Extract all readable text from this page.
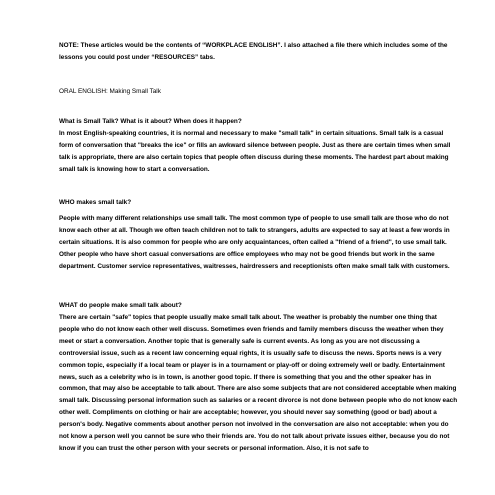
NOTE: These articles would be the contents of “WORKPLACE ENGLISH”. I also attached a file there which includes some of the lessons you could post under “RESOURCES” tabs.

ORAL ENGLISH: Making Small Talk

What is Small Talk? What is it about? When does it happen?

In most English-speaking countries, it is normal and necessary to make "small talk" in certain situations. Small talk is a casual form of conversation that "breaks the ice" or fills an awkward silence between people. Just as there are certain times when small talk is appropriate, there are also certain topics that people often discuss during these moments. The hardest part about making small talk is knowing how to start a conversation.

WHO makes small talk?

People with many different relationships use small talk. The most common type of people to use small talk are those who do not know each other at all. Though we often teach children not to talk to strangers, adults are expected to say at least a few words in certain situations. It is also common for people who are only acquaintances, often called a "friend of a friend", to use small talk. Other people who have short casual conversations are office employees who may not be good friends but work in the same department. Customer service representatives, waitresses, hairdressers and receptionists often make small talk with customers.

WHAT do people make small talk about?

There are certain "safe" topics that people usually make small talk about. The weather is probably the number one thing that people who do not know each other well discuss. Sometimes even friends and family members discuss the weather when they meet or start a conversation. Another topic that is generally safe is current events. As long as you are not discussing a controversial issue, such as a recent law concerning equal rights, it is usually safe to discuss the news. Sports news is a very common topic, especially if a local team or player is in a tournament or play-off or doing extremely well or badly. Entertainment news, such as a celebrity who is in town, is another good topic. If there is something that you and the other speaker has in common, that may also be acceptable to talk about. There are also some subjects that are not considered acceptable when making small talk. Discussing personal information such as salaries or a recent divorce is not done between people who do not know each other well. Compliments on clothing or hair are acceptable; however, you should never say something (good or bad) about a person's body. Negative comments about another person not involved in the conversation are also not acceptable: when you do not know a person well you cannot be sure who their friends are. You do not talk about private issues either, because you do not know if you can trust the other person with your secrets or personal information. Also, it is not safe to
